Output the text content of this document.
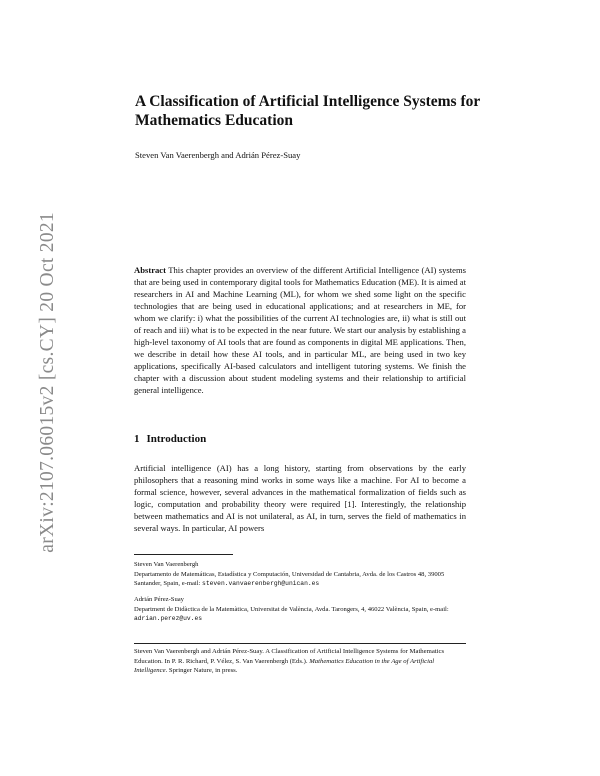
arXiv:2107.06015v2 [cs.CY] 20 Oct 2021
A Classification of Artificial Intelligence Systems for Mathematics Education
Steven Van Vaerenbergh and Adrián Pérez-Suay

Abstract This chapter provides an overview of the different Artificial Intelligence (AI) systems that are being used in contemporary digital tools for Mathematics Education (ME). It is aimed at researchers in AI and Machine Learning (ML), for whom we shed some light on the specific technologies that are being used in educational applications; and at researchers in ME, for whom we clarify: i) what the possibilities of the current AI technologies are, ii) what is still out of reach and iii) what is to be expected in the near future. We start our analysis by establishing a high-level taxonomy of AI tools that are found as components in digital ME applications. Then, we describe in detail how these AI tools, and in particular ML, are being used in two key applications, specifically AI-based calculators and intelligent tutoring systems. We finish the chapter with a discussion about student modeling systems and their relationship to artificial general intelligence.

1 Introduction

Artificial intelligence (AI) has a long history, starting from observations by the early philosophers that a reasoning mind works in some ways like a machine. For AI to become a formal science, however, several advances in the mathematical formalization of fields such as logic, computation and probability theory were required [1]. Interestingly, the relationship between mathematics and AI is not unilateral, as AI, in turn, serves the field of mathematics in several ways. In particular, AI powers

Steven Van Vaerenbergh
Departamento de Matemáticas, Estadística y Computación, Universidad de Cantabria, Avda. de los Castros 48, 39005 Santander, Spain, e-mail: steven.vanvaerenbergh@unican.es

Adrián Pérez-Suay
Department de Didàctica de la Matemàtica, Universitat de València, Avda. Tarongers, 4, 46022 València, Spain, e-mail: adrian.perez@uv.es

Steven Van Vaerenbergh and Adrián Pérez-Suay. A Classification of Artificial Intelligence Systems for Mathematics Education. In P. R. Richard, P. Vélez, S. Van Vaerenbergh (Eds.). Mathematics Education in the Age of Artificial Intelligence. Springer Nature, in press.
